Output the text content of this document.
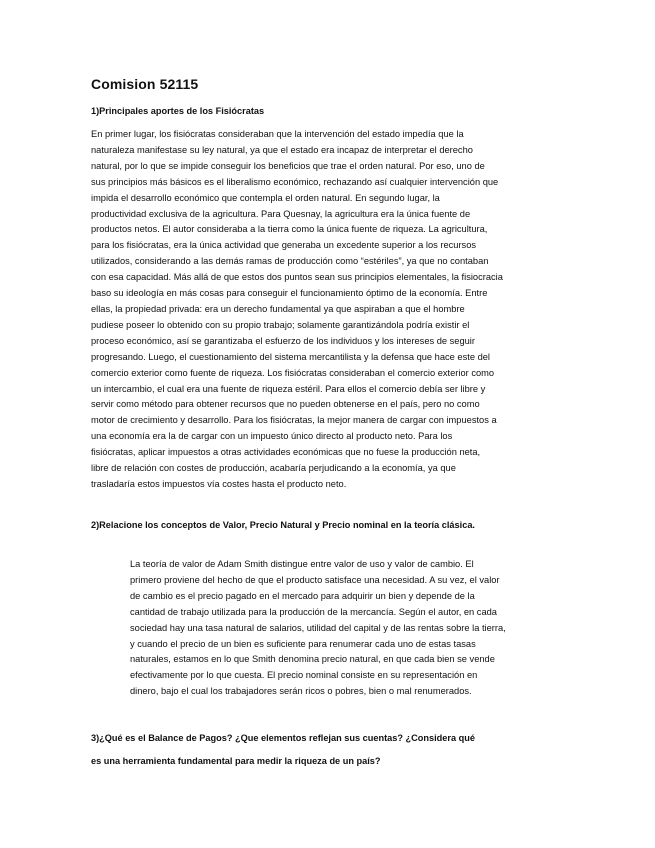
Comision 52115
1)Principales aportes de los Fisiócratas
En primer lugar, los fisiócratas consideraban que la intervención del estado impedía que la
naturaleza manifestase su ley natural, ya que el estado era incapaz de interpretar el derecho
natural, por lo que se impide conseguir los beneficios que trae el orden natural. Por eso, uno de
sus principios más básicos es el liberalismo económico, rechazando así cualquier intervención que
impida el desarrollo económico que contempla el orden natural. En segundo lugar, la
productividad exclusiva de la agricultura. Para Quesnay, la agricultura era la única fuente de
productos netos. El autor consideraba a la tierra como la única fuente de riqueza. La agricultura,
para los fisiócratas, era la única actividad que generaba un excedente superior a los recursos
utilizados, considerando a las demás ramas de producción como “estériles”, ya que no contaban
con esa capacidad. Más allá de que estos dos puntos sean sus principios elementales, la fisiocracia
baso su ideología en más cosas para conseguir el funcionamiento óptimo de la economía. Entre
ellas, la propiedad privada: era un derecho fundamental ya que aspiraban a que el hombre
pudiese poseer lo obtenido con su propio trabajo; solamente garantizándola podría existir el
proceso económico, así se garantizaba el esfuerzo de los individuos y los intereses de seguir
progresando. Luego, el cuestionamiento del sistema mercantilista y la defensa que hace este del
comercio exterior como fuente de riqueza. Los fisiócratas consideraban el comercio exterior como
un intercambio, el cual era una fuente de riqueza estéril. Para ellos el comercio debía ser libre y
servir como método para obtener recursos que no pueden obtenerse en el país, pero no como
motor de crecimiento y desarrollo. Para los fisiócratas, la mejor manera de cargar con impuestos a
una economía era la de cargar con un impuesto único directo al producto neto. Para los
fisiócratas, aplicar impuestos a otras actividades económicas que no fuese la producción neta,
libre de relación con costes de producción, acabaría perjudicando a la economía, ya que
trasladaría estos impuestos vía costes hasta el producto neto.
2)Relacione los conceptos de Valor, Precio Natural y Precio nominal en la teoría clásica.
La teoría de valor de Adam Smith distingue entre valor de uso y valor de cambio. El
primero proviene del hecho de que el producto satisface una necesidad. A su vez, el valor
de cambio es el precio pagado en el mercado para adquirir un bien y depende de la
cantidad de trabajo utilizada para la producción de la mercancía. Según el autor, en cada
sociedad hay una tasa natural de salarios, utilidad del capital y de las rentas sobre la tierra,
y cuando el precio de un bien es suficiente para renumerar cada uno de estas tasas
naturales, estamos en lo que Smith denomina precio natural, en que cada bien se vende
efectivamente por lo que cuesta. El precio nominal consiste en su representación en
dinero, bajo el cual los trabajadores serán ricos o pobres, bien o mal renumerados.
3)¿Qué es el Balance de Pagos? ¿Que elementos reflejan sus cuentas? ¿Considera qué
es una herramienta fundamental para medir la riqueza de un país?
